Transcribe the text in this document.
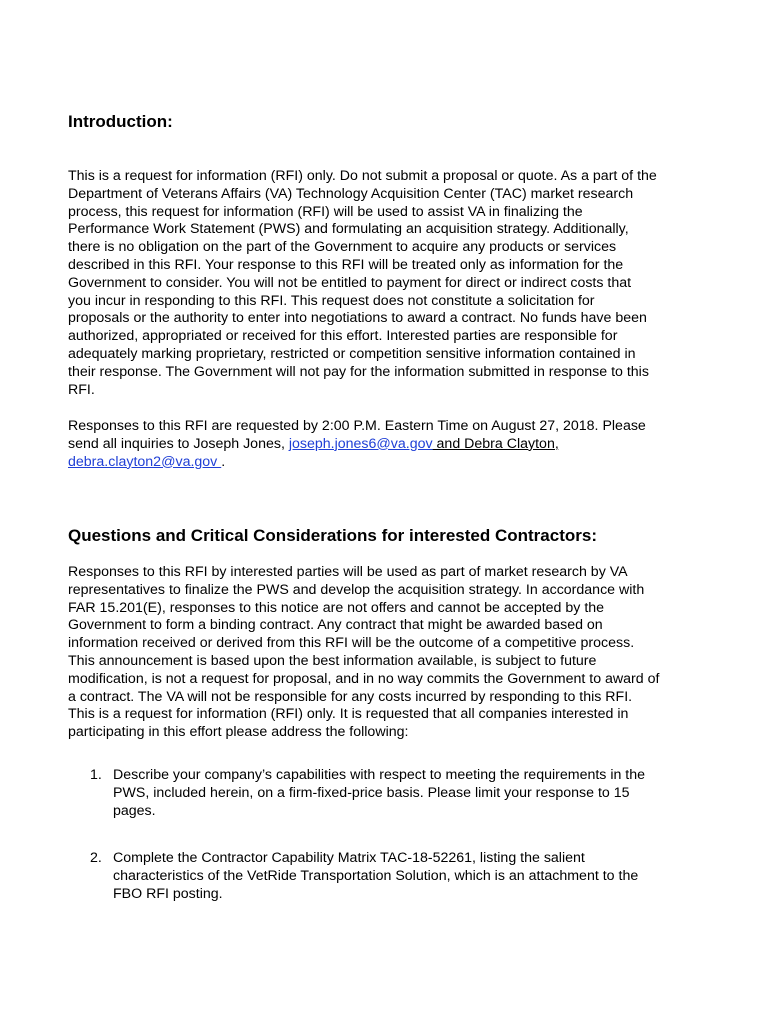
Introduction:
This is a request for information (RFI) only. Do not submit a proposal or quote. As a part of the
Department of Veterans Affairs (VA) Technology Acquisition Center (TAC) market research
process, this request for information (RFI) will be used to assist VA in finalizing the
Performance Work Statement (PWS) and formulating an acquisition strategy. Additionally,
there is no obligation on the part of the Government to acquire any products or services
described in this RFI. Your response to this RFI will be treated only as information for the
Government to consider. You will not be entitled to payment for direct or indirect costs that
you incur in responding to this RFI. This request does not constitute a solicitation for
proposals or the authority to enter into negotiations to award a contract. No funds have been
authorized, appropriated or received for this effort. Interested parties are responsible for
adequately marking proprietary, restricted or competition sensitive information contained in
their response. The Government will not pay for the information submitted in response to this
RFI.
Responses to this RFI are requested by 2:00 P.M. Eastern Time on August 27, 2018. Please
send all inquiries to Joseph Jones, joseph.jones6@va.gov and Debra Clayton,
debra.clayton2@va.gov .
Questions and Critical Considerations for interested Contractors:
Responses to this RFI by interested parties will be used as part of market research by VA
representatives to finalize the PWS and develop the acquisition strategy. In accordance with
FAR 15.201(E), responses to this notice are not offers and cannot be accepted by the
Government to form a binding contract. Any contract that might be awarded based on
information received or derived from this RFI will be the outcome of a competitive process.
This announcement is based upon the best information available, is subject to future
modification, is not a request for proposal, and in no way commits the Government to award of
a contract. The VA will not be responsible for any costs incurred by responding to this RFI.
This is a request for information (RFI) only. It is requested that all companies interested in
participating in this effort please address the following:
1. Describe your company’s capabilities with respect to meeting the requirements in the
PWS, included herein, on a firm-fixed-price basis. Please limit your response to 15
pages.
2. Complete the Contractor Capability Matrix TAC-18-52261, listing the salient
characteristics of the VetRide Transportation Solution, which is an attachment to the
FBO RFI posting.
